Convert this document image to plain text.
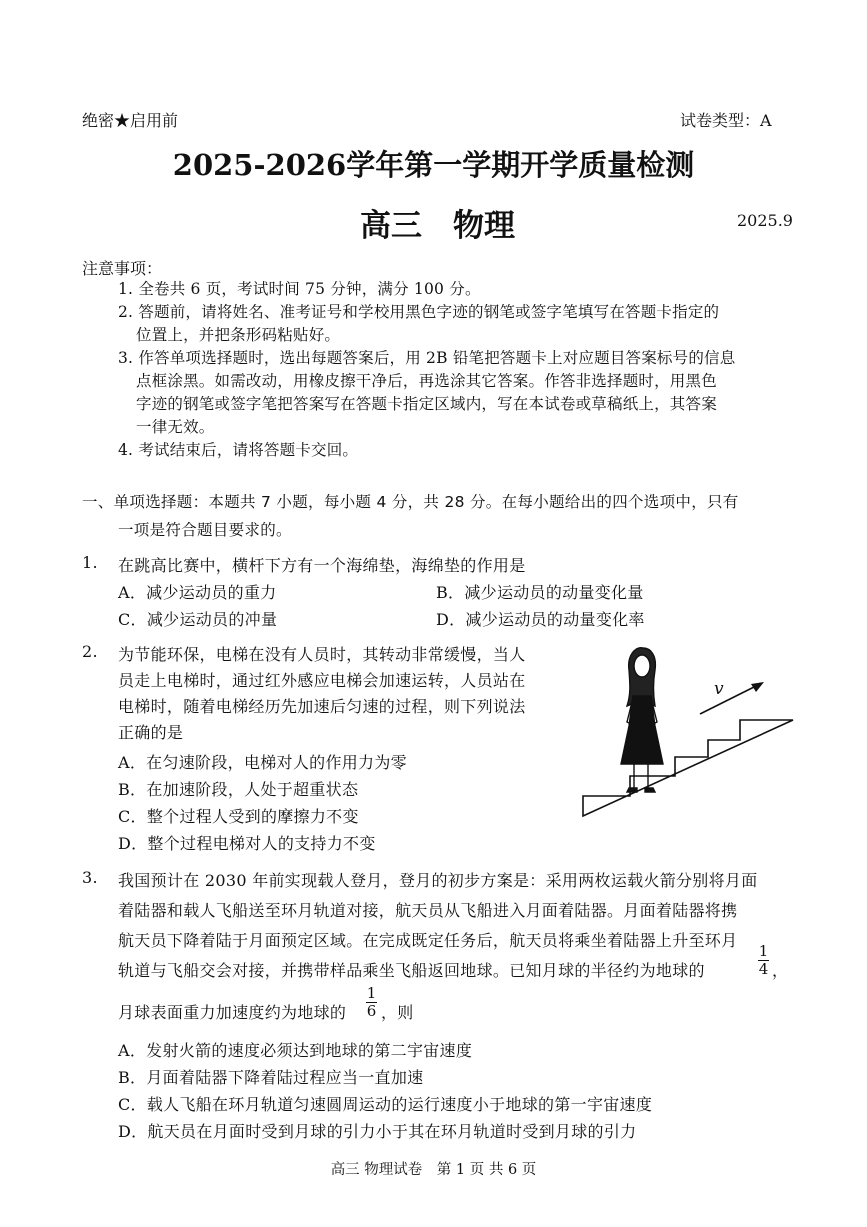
绝密★启用前	试卷类型：A
2025-2026学年第一学期开学质量检测
高三　物理	2025.9
注意事项：
1. 全卷共 6 页，考试时间 75 分钟，满分 100 分。
2. 答题前，请将姓名、准考证号和学校用黑色字迹的钢笔或签字笔填写在答题卡指定的
位置上，并把条形码粘贴好。
3. 作答单项选择题时，选出每题答案后，用 2B 铅笔把答题卡上对应题目答案标号的信息
点框涂黑。如需改动，用橡皮擦干净后，再选涂其它答案。作答非选择题时，用黑色
字迹的钢笔或签字笔把答案写在答题卡指定区域内，写在本试卷或草稿纸上，其答案
一律无效。
4. 考试结束后，请将答题卡交回。
一、单项选择题：本题共 7 小题，每小题 4 分，共 28 分。在每小题给出的四个选项中，只有
一项是符合题目要求的。
1. 在跳高比赛中，横杆下方有一个海绵垫，海绵垫的作用是
A．减少运动员的重力	B．减少运动员的动量变化量
C．减少运动员的冲量	D．减少运动员的动量变化率
2. 为节能环保，电梯在没有人员时，其转动非常缓慢，当人
员走上电梯时，通过红外感应电梯会加速运转，人员站在
电梯时，随着电梯经历先加速后匀速的过程，则下列说法
正确的是
A．在匀速阶段，电梯对人的作用力为零
B．在加速阶段，人处于超重状态
C．整个过程人受到的摩擦力不变
D．整个过程电梯对人的支持力不变
v
3. 我国预计在 2030 年前实现载人登月，登月的初步方案是：采用两枚运载火箭分别将月面
着陆器和载人飞船送至环月轨道对接，航天员从飞船进入月面着陆器。月面着陆器将携
航天员下降着陆于月面预定区域。在完成既定任务后，航天员将乘坐着陆器上升至环月
轨道与飞船交会对接，并携带样品乘坐飞船返回地球。已知月球的半径约为地球的
1
4 ，
月球表面重力加速度约为地球的
1
6 ，则
A．发射火箭的速度必须达到地球的第二宇宙速度
B．月面着陆器下降着陆过程应当一直加速
C．载人飞船在环月轨道匀速圆周运动的运行速度小于地球的第一宇宙速度
D．航天员在月面时受到月球的引力小于其在环月轨道时受到月球的引力
高三 物理试卷　第 1 页 共 6 页
